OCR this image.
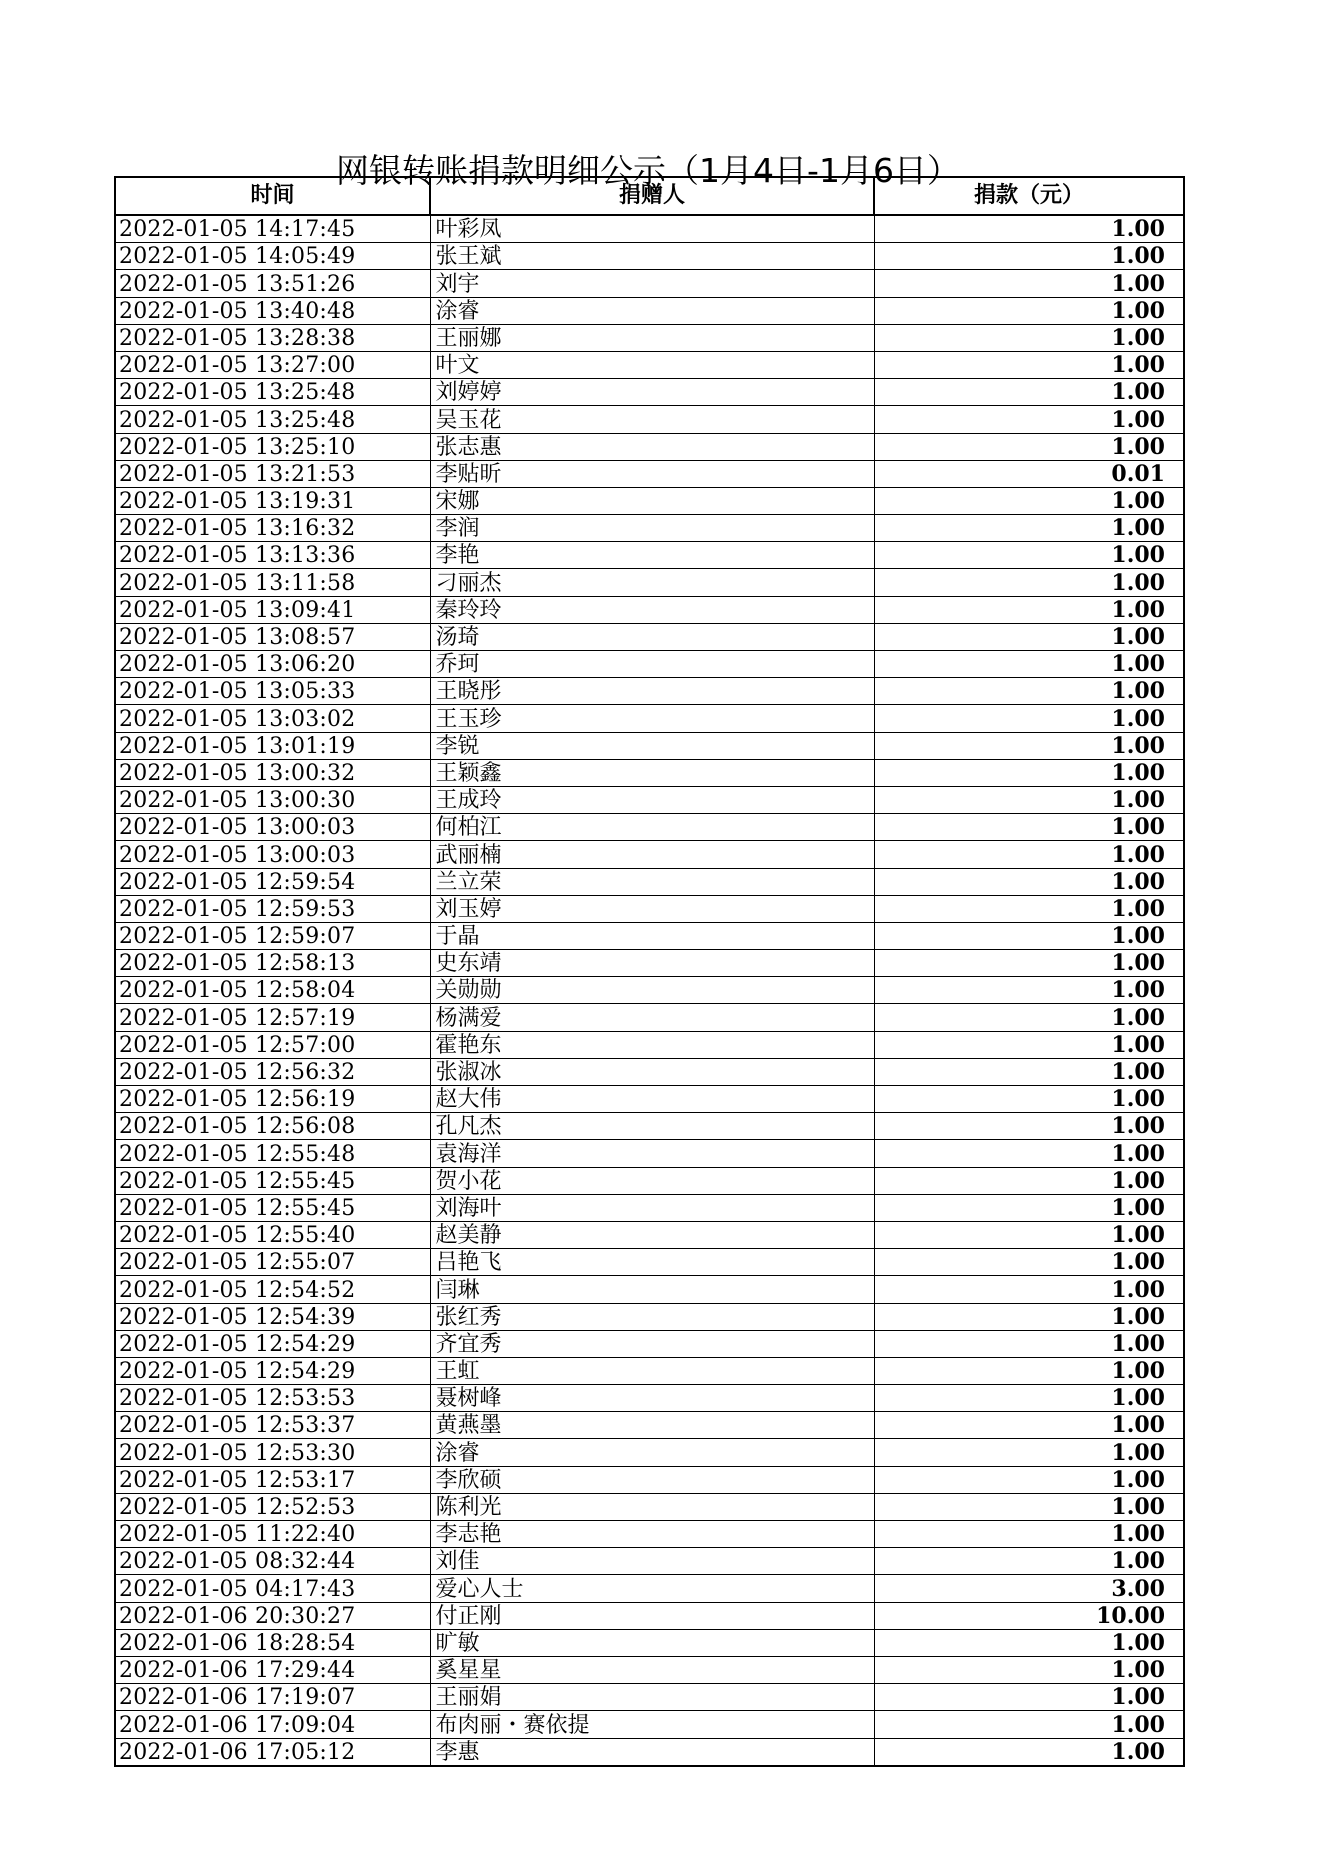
网银转账捐款明细公示（1月4日-1月6日）
时间	捐赠人	捐款（元）
2022-01-05 14:17:45	叶彩凤	1.00
2022-01-05 14:05:49	张王斌	1.00
2022-01-05 13:51:26	刘宇	1.00
2022-01-05 13:40:48	涂睿	1.00
2022-01-05 13:28:38	王丽娜	1.00
2022-01-05 13:27:00	叶文	1.00
2022-01-05 13:25:48	刘婷婷	1.00
2022-01-05 13:25:48	吴玉花	1.00
2022-01-05 13:25:10	张志惠	1.00
2022-01-05 13:21:53	李贴昕	0.01
2022-01-05 13:19:31	宋娜	1.00
2022-01-05 13:16:32	李润	1.00
2022-01-05 13:13:36	李艳	1.00
2022-01-05 13:11:58	刁丽杰	1.00
2022-01-05 13:09:41	秦玲玲	1.00
2022-01-05 13:08:57	汤琦	1.00
2022-01-05 13:06:20	乔珂	1.00
2022-01-05 13:05:33	王晓彤	1.00
2022-01-05 13:03:02	王玉珍	1.00
2022-01-05 13:01:19	李锐	1.00
2022-01-05 13:00:32	王颖鑫	1.00
2022-01-05 13:00:30	王成玲	1.00
2022-01-05 13:00:03	何柏江	1.00
2022-01-05 13:00:03	武丽楠	1.00
2022-01-05 12:59:54	兰立荣	1.00
2022-01-05 12:59:53	刘玉婷	1.00
2022-01-05 12:59:07	于晶	1.00
2022-01-05 12:58:13	史东靖	1.00
2022-01-05 12:58:04	关勋勋	1.00
2022-01-05 12:57:19	杨满爱	1.00
2022-01-05 12:57:00	霍艳东	1.00
2022-01-05 12:56:32	张淑冰	1.00
2022-01-05 12:56:19	赵大伟	1.00
2022-01-05 12:56:08	孔凡杰	1.00
2022-01-05 12:55:48	袁海洋	1.00
2022-01-05 12:55:45	贺小花	1.00
2022-01-05 12:55:45	刘海叶	1.00
2022-01-05 12:55:40	赵美静	1.00
2022-01-05 12:55:07	吕艳飞	1.00
2022-01-05 12:54:52	闫琳	1.00
2022-01-05 12:54:39	张红秀	1.00
2022-01-05 12:54:29	齐宜秀	1.00
2022-01-05 12:54:29	王虹	1.00
2022-01-05 12:53:53	聂树峰	1.00
2022-01-05 12:53:37	黄燕墨	1.00
2022-01-05 12:53:30	涂睿	1.00
2022-01-05 12:53:17	李欣硕	1.00
2022-01-05 12:52:53	陈利光	1.00
2022-01-05 11:22:40	李志艳	1.00
2022-01-05 08:32:44	刘佳	1.00
2022-01-05 04:17:43	爱心人士	3.00
2022-01-06 20:30:27	付正刚	10.00
2022-01-06 18:28:54	旷敏	1.00
2022-01-06 17:29:44	奚星星	1.00
2022-01-06 17:19:07	王丽娟	1.00
2022-01-06 17:09:04	布肉丽・赛依提	1.00
2022-01-06 17:05:12	李惠	1.00
